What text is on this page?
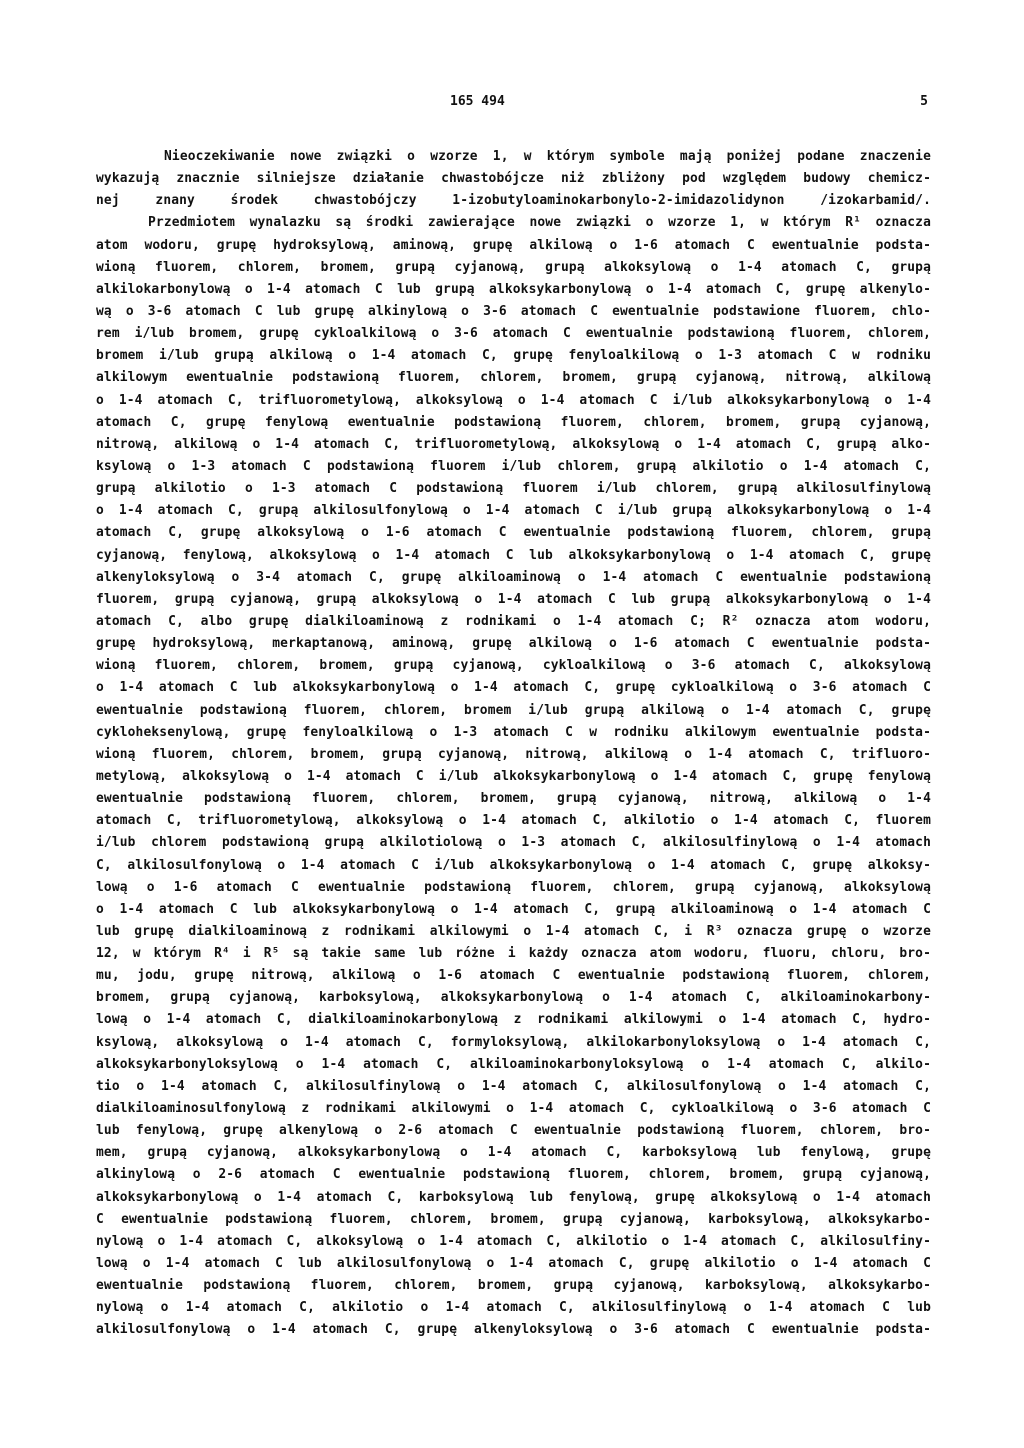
165 494	5
Nieoczekiwanie nowe związki o wzorze 1, w którym symbole mają poniżej podane znaczenie
wykazują znacznie silniejsze działanie chwastobójcze niż zbliżony pod względem budowy chemicz-
nej znany środek chwastobójczy 1-izobutyloaminokarbonylo-2-imidazolidynon /izokarbamid/.
Przedmiotem wynalazku są środki zawierające nowe związki o wzorze 1, w którym R¹ oznacza
atom wodoru, grupę hydroksylową, aminową, grupę alkilową o 1-6 atomach C ewentualnie podsta-
wioną fluorem, chlorem, bromem, grupą cyjanową, grupą alkoksylową o 1-4 atomach C, grupą
alkilokarbonylową o 1-4 atomach C lub grupą alkoksykarbonylową o 1-4 atomach C, grupę alkenylo-
wą o 3-6 atomach C lub grupę alkinylową o 3-6 atomach C ewentualnie podstawione fluorem, chlo-
rem i/lub bromem, grupę cykloalkilową o 3-6 atomach C ewentualnie podstawioną fluorem, chlorem,
bromem i/lub grupą alkilową o 1-4 atomach C, grupę fenyloalkilową o 1-3 atomach C w rodniku
alkilowym ewentualnie podstawioną fluorem, chlorem, bromem, grupą cyjanową, nitrową, alkilową
o 1-4 atomach C, trifluorometylową, alkoksylową o 1-4 atomach C i/lub alkoksykarbonylową o 1-4
atomach C, grupę fenylową ewentualnie podstawioną fluorem, chlorem, bromem, grupą cyjanową,
nitrową, alkilową o 1-4 atomach C, trifluorometylową, alkoksylową o 1-4 atomach C, grupą alko-
ksylową o 1-3 atomach C podstawioną fluorem i/lub chlorem, grupą alkilotio o 1-4 atomach C,
grupą alkilotio o 1-3 atomach C podstawioną fluorem i/lub chlorem, grupą alkilosulfinylową
o 1-4 atomach C, grupą alkilosulfonylową o 1-4 atomach C i/lub grupą alkoksykarbonylową o 1-4
atomach C, grupę alkoksylową o 1-6 atomach C ewentualnie podstawioną fluorem, chlorem, grupą
cyjanową, fenylową, alkoksylową o 1-4 atomach C lub alkoksykarbonylową o 1-4 atomach C, grupę
alkenyloksylową o 3-4 atomach C, grupę alkiloaminową o 1-4 atomach C ewentualnie podstawioną
fluorem, grupą cyjanową, grupą alkoksylową o 1-4 atomach C lub grupą alkoksykarbonylową o 1-4
atomach C, albo grupę dialkiloaminową z rodnikami o 1-4 atomach C; R² oznacza atom wodoru,
grupę hydroksylową, merkaptanową, aminową, grupę alkilową o 1-6 atomach C ewentualnie podsta-
wioną fluorem, chlorem, bromem, grupą cyjanową, cykloalkilową o 3-6 atomach C, alkoksylową
o 1-4 atomach C lub alkoksykarbonylową o 1-4 atomach C, grupę cykloalkilową o 3-6 atomach C
ewentualnie podstawioną fluorem, chlorem, bromem i/lub grupą alkilową o 1-4 atomach C, grupę
cykloheksenylową, grupę fenyloalkilową o 1-3 atomach C w rodniku alkilowym ewentualnie podsta-
wioną fluorem, chlorem, bromem, grupą cyjanową, nitrową, alkilową o 1-4 atomach C, trifluoro-
metylową, alkoksylową o 1-4 atomach C i/lub alkoksykarbonylową o 1-4 atomach C, grupę fenylową
ewentualnie podstawioną fluorem, chlorem, bromem, grupą cyjanową, nitrową, alkilową o 1-4
atomach C, trifluorometylową, alkoksylową o 1-4 atomach C, alkilotio o 1-4 atomach C, fluorem
i/lub chlorem podstawioną grupą alkilotiolową o 1-3 atomach C, alkilosulfinylową o 1-4 atomach
C, alkilosulfonylową o 1-4 atomach C i/lub alkoksykarbonylową o 1-4 atomach C, grupę alkoksy-
lową o 1-6 atomach C ewentualnie podstawioną fluorem, chlorem, grupą cyjanową, alkoksylową
o 1-4 atomach C lub alkoksykarbonylową o 1-4 atomach C, grupą alkiloaminową o 1-4 atomach C
lub grupę dialkiloaminową z rodnikami alkilowymi o 1-4 atomach C, i R³ oznacza grupę o wzorze
12, w którym R⁴ i R⁵ są takie same lub różne i każdy oznacza atom wodoru, fluoru, chloru, bro-
mu, jodu, grupę nitrową, alkilową o 1-6 atomach C ewentualnie podstawioną fluorem, chlorem,
bromem, grupą cyjanową, karboksylową, alkoksykarbonylową o 1-4 atomach C, alkiloaminokarbony-
lową o 1-4 atomach C, dialkiloaminokarbonylową z rodnikami alkilowymi o 1-4 atomach C, hydro-
ksylową, alkoksylową o 1-4 atomach C, formyloksylową, alkilokarbonyloksylową o 1-4 atomach C,
alkoksykarbonyloksylową o 1-4 atomach C, alkiloaminokarbonyloksylową o 1-4 atomach C, alkilo-
tio o 1-4 atomach C, alkilosulfinylową o 1-4 atomach C, alkilosulfonylową o 1-4 atomach C,
dialkiloaminosulfonylową z rodnikami alkilowymi o 1-4 atomach C, cykloalkilową o 3-6 atomach C
lub fenylową, grupę alkenylową o 2-6 atomach C ewentualnie podstawioną fluorem, chlorem, bro-
mem, grupą cyjanową, alkoksykarbonylową o 1-4 atomach C, karboksylową lub fenylową, grupę
alkinylową o 2-6 atomach C ewentualnie podstawioną fluorem, chlorem, bromem, grupą cyjanową,
alkoksykarbonylową o 1-4 atomach C, karboksylową lub fenylową, grupę alkoksylową o 1-4 atomach
C ewentualnie podstawioną fluorem, chlorem, bromem, grupą cyjanową, karboksylową, alkoksykarbo-
nylową o 1-4 atomach C, alkoksylową o 1-4 atomach C, alkilotio o 1-4 atomach C, alkilosulfiny-
lową o 1-4 atomach C lub alkilosulfonylową o 1-4 atomach C, grupę alkilotio o 1-4 atomach C
ewentualnie podstawioną fluorem, chlorem, bromem, grupą cyjanową, karboksylową, alkoksykarbo-
nylową o 1-4 atomach C, alkilotio o 1-4 atomach C, alkilosulfinylową o 1-4 atomach C lub
alkilosulfonylową o 1-4 atomach C, grupę alkenyloksylową o 3-6 atomach C ewentualnie podsta-
